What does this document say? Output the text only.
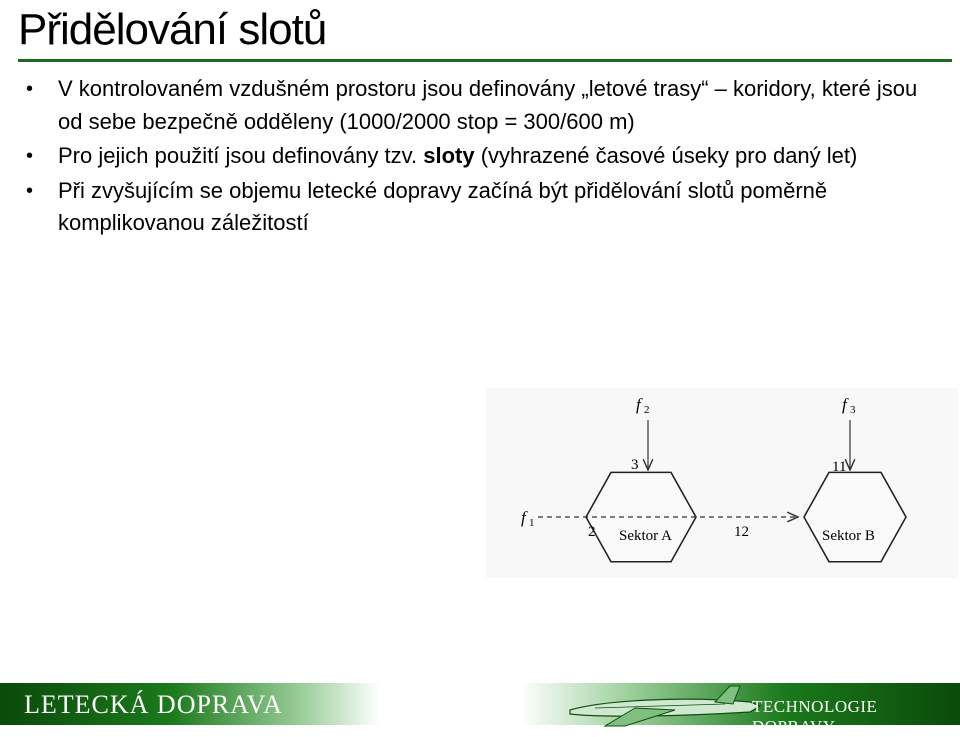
Přidělování slotů
• V kontrolovaném vzdušném prostoru jsou definovány „letové trasy“ – koridory, které jsou od sebe bezpečně odděleny (1000/2000 stop = 300/600 m)
• Pro jejich použití jsou definovány tzv. sloty (vyhrazené časové úseky pro daný let)
• Při zvyšujícím se objemu letecké dopravy začíná být přidělování slotů poměrně komplikovanou záležitostí
f 2	f 3
f 1
3	11
2	12
Sektor A	Sektor B
LETECKÁ DOPRAVA	TECHNOLOGIE DOPRAVY
